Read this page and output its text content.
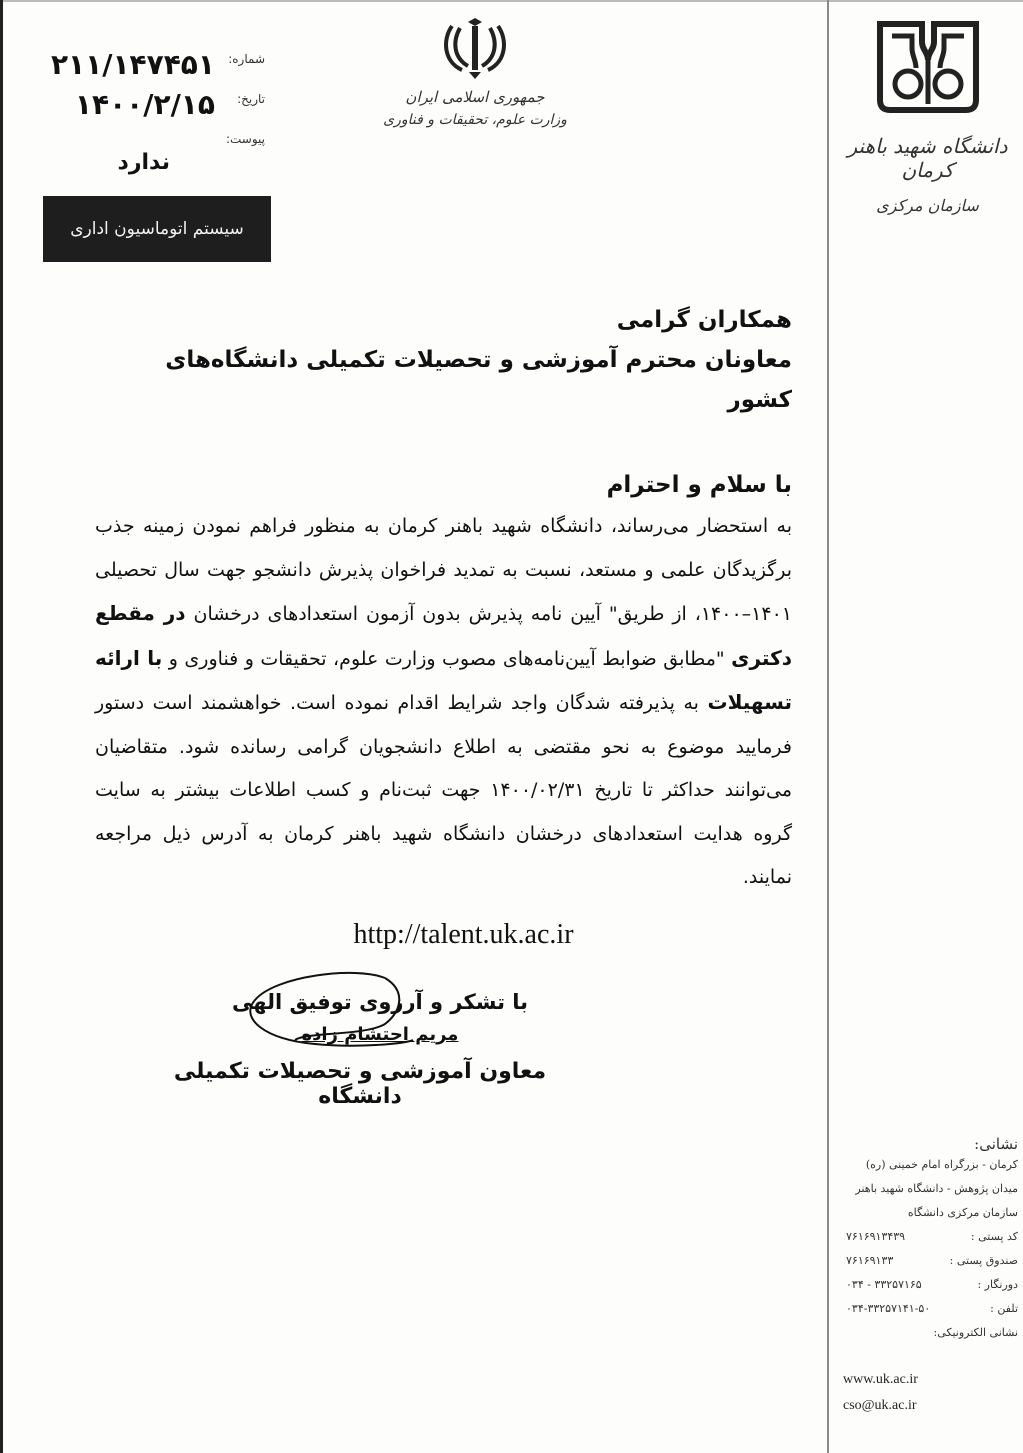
شماره:
۲۱۱/۱۴۷۴۵۱
تاریخ:
۱۴۰۰/۲/۱۵
پیوست:
ندارد
سیستم اتوماسیون اداری
جمهوری اسلامی ایران
وزارت علوم، تحقیقات و فناوری
دانشگاه شهید باهنر کرمان
سازمان مرکزی
همکاران گرامی
معاونان محترم آموزشی و تحصیلات تکمیلی دانشگاه‌های کشور
با سلام و احترام

به استحضار می‌رساند، دانشگاه شهید باهنر کرمان به منظور فراهم نمودن زمینه جذب برگزیدگان علمی و مستعد، نسبت به تمدید فراخوان پذیرش دانشجو جهت سال تحصیلی ۱۴۰۱–۱۴۰۰، از طریق" آیین نامه پذیرش بدون آزمون استعدادهای درخشان در مقطع دکتری "مطابق ضوابط آیین‌نامه‌های مصوب وزارت علوم، تحقیقات و فناوری و با ارائه تسهیلات به پذیرفته شدگان واجد شرایط اقدام نموده است. خواهشمند است دستور فرمایید موضوع به نحو مقتضی به اطلاع دانشجویان گرامی رسانده شود. متقاضیان می‌توانند حداکثر تا تاریخ ۱۴۰۰/۰۲/۳۱ جهت ثبت‌نام و کسب اطلاعات بیشتر به سایت گروه هدایت استعدادهای درخشان دانشگاه شهید باهنر کرمان به آدرس ذیل مراجعه نمایند.

http://talent.uk.ac.ir
با تشکر و آرزوی توفیق الهی
مریم احتشام زاده
معاون آموزشی و تحصیلات تکمیلی دانشگاه
نشانی:
کرمان - بزرگراه امام خمینی (ره)
میدان پژوهش - دانشگاه شهید باهنر
سازمان مرکزی دانشگاه
کد پستی :
۷۶۱۶۹۱۳۴۳۹
صندوق پستی :
۷۶۱۶۹۱۳۳
دورنگار :
۰۳۴ - ۳۳۲۵۷۱۶۵
تلفن :
۰۳۴-۳۳۲۵۷۱۴۱-۵۰
نشانی الکترونیکی:
www.uk.ac.ir
cso@uk.ac.ir
